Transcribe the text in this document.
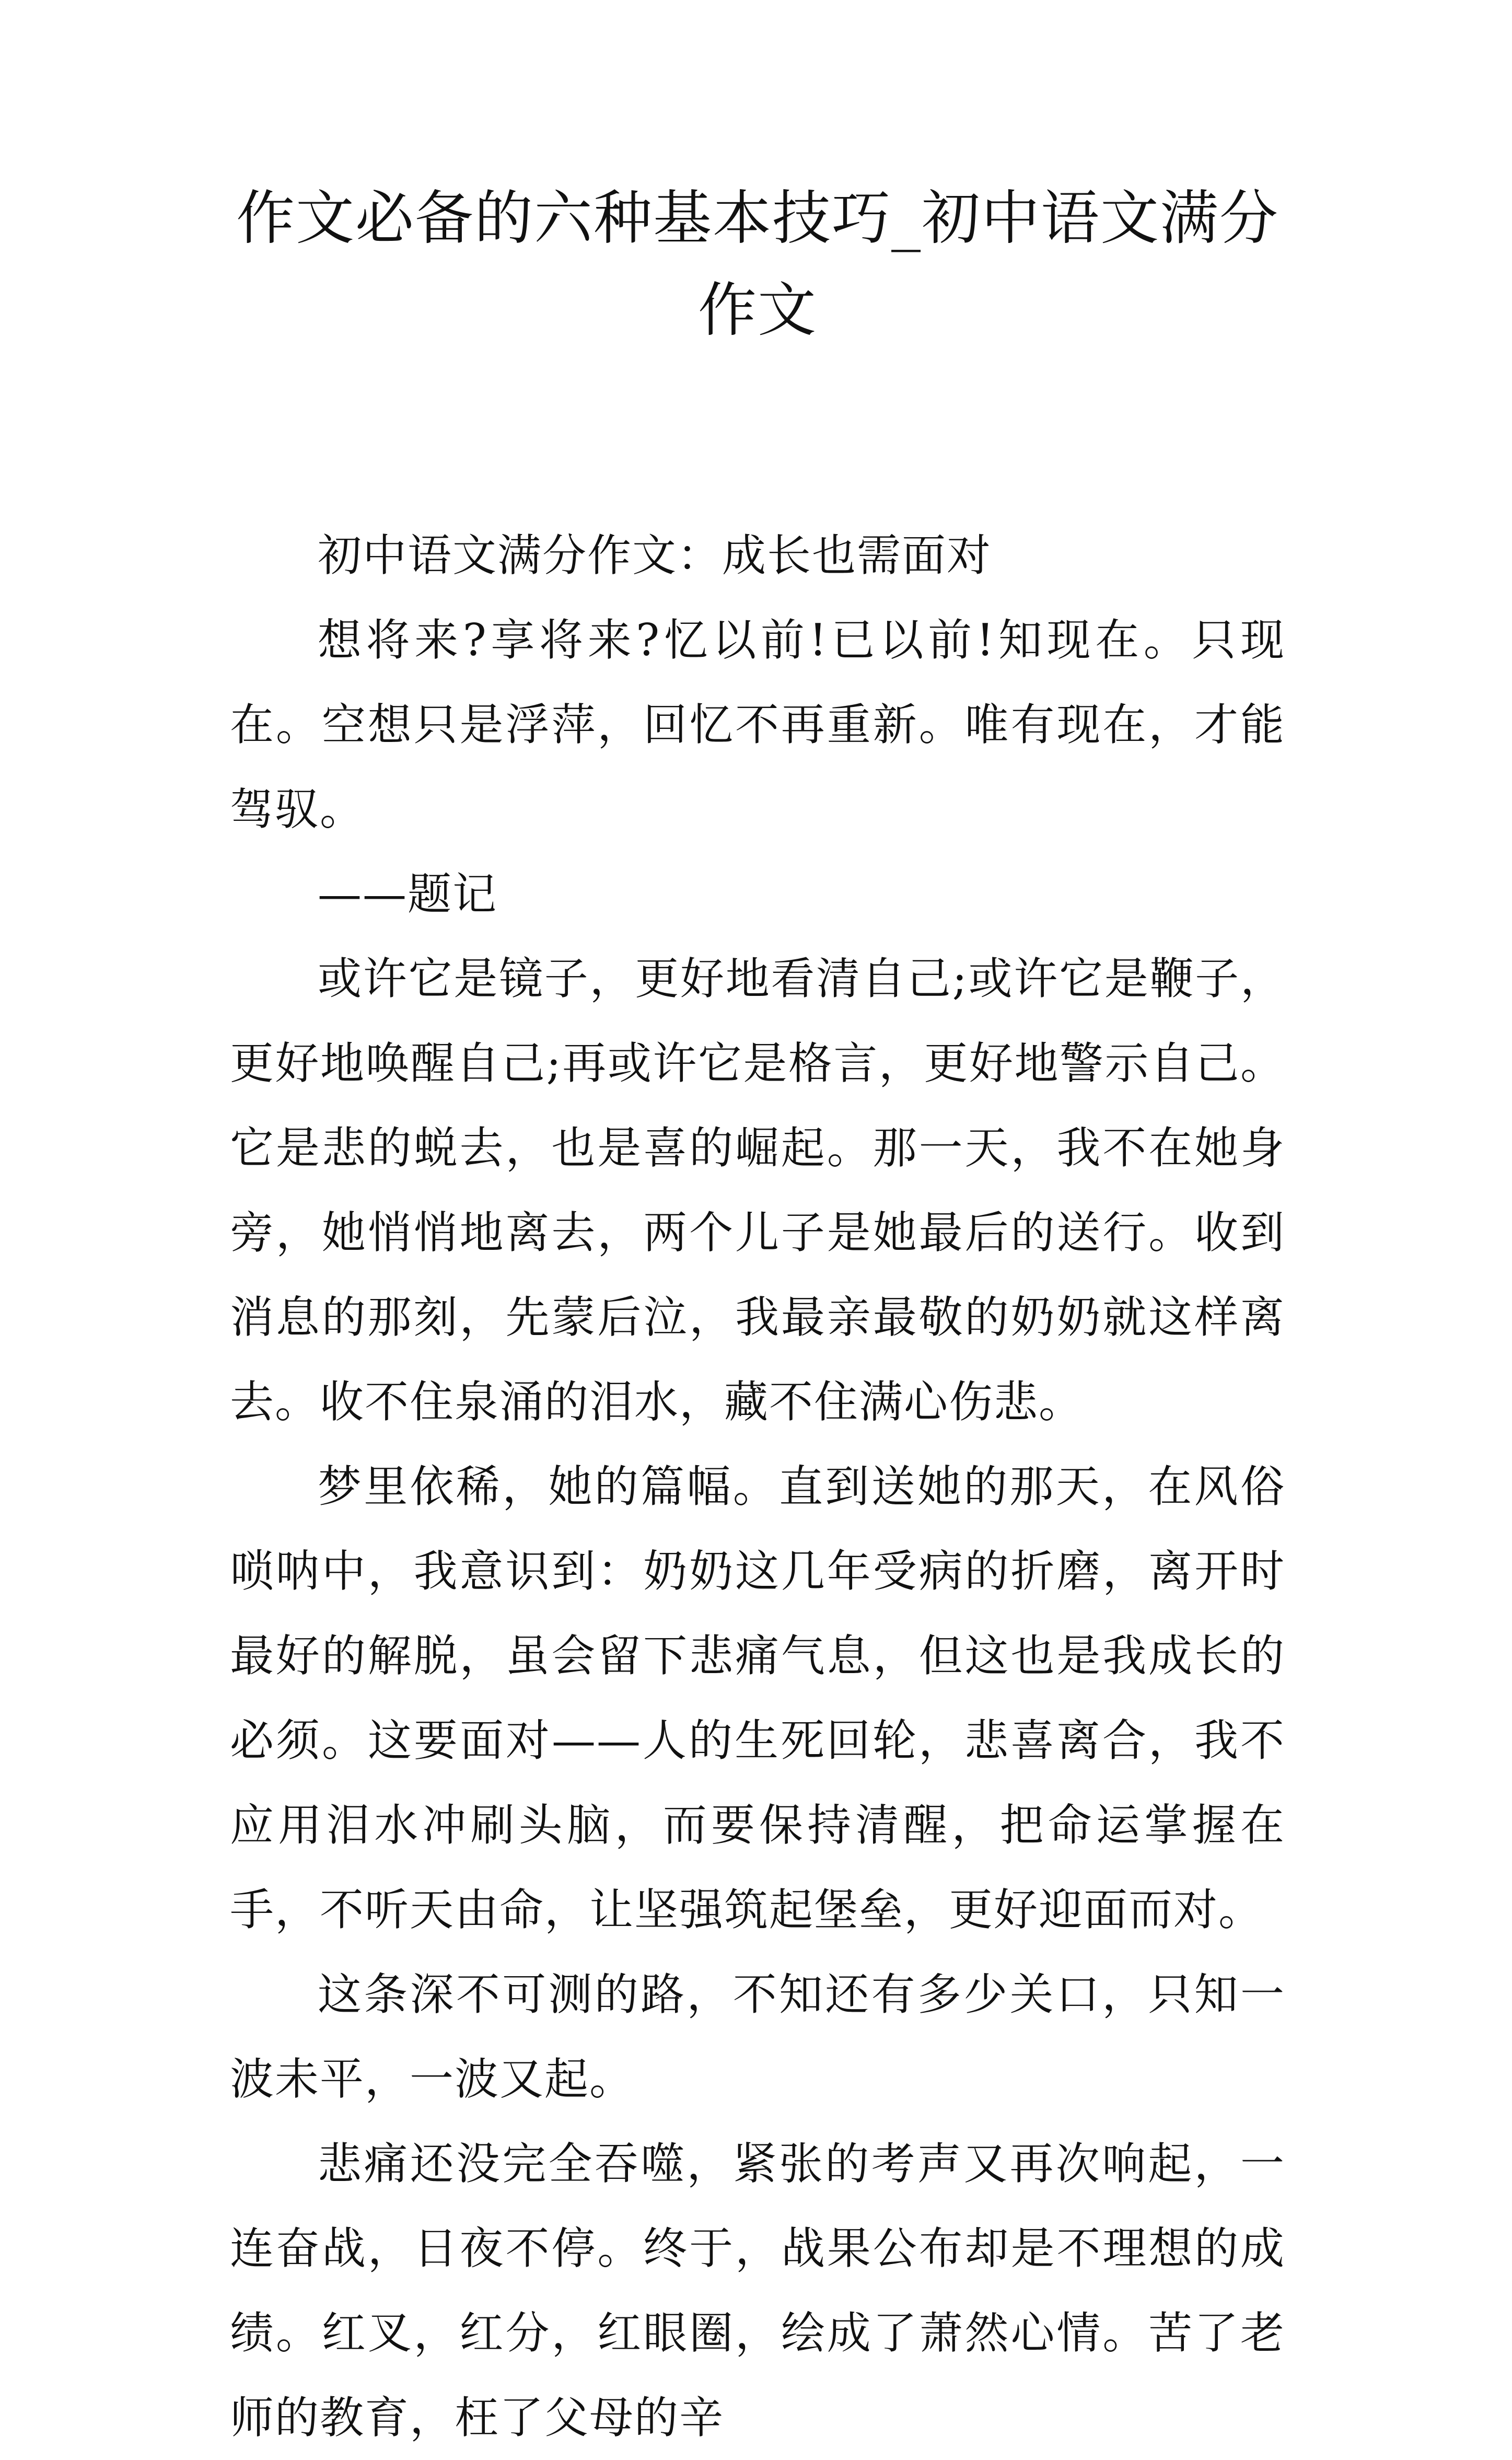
作文必备的六种基本技巧_初中语文满分作文

初中语文满分作文：成长也需面对

想将来?享将来?忆以前!已以前!知现在。只现在。空想只是浮萍，回忆不再重新。唯有现在，才能驾驭。

——题记

或许它是镜子，更好地看清自己;或许它是鞭子，更好地唤醒自己;再或许它是格言，更好地警示自己。它是悲的蜕去，也是喜的崛起。那一天，我不在她身旁，她悄悄地离去，两个儿子是她最后的送行。收到消息的那刻，先蒙后泣，我最亲最敬的奶奶就这样离去。收不住泉涌的泪水，藏不住满心伤悲。

梦里依稀，她的篇幅。直到送她的那天，在风俗唢呐中，我意识到：奶奶这几年受病的折磨，离开时最好的解脱，虽会留下悲痛气息，但这也是我成长的必须。这要面对——人的生死回轮，悲喜离合，我不应用泪水冲刷头脑，而要保持清醒，把命运掌握在手，不听天由命，让坚强筑起堡垒，更好迎面而对。

这条深不可测的路，不知还有多少关口，只知一波未平，一波又起。

悲痛还没完全吞噬，紧张的考声又再次响起，一连奋战，日夜不停。终于，战果公布却是不理想的成绩。红叉，红分，红眼圈，绘成了萧然心情。苦了老师的教育，枉了父母的辛
